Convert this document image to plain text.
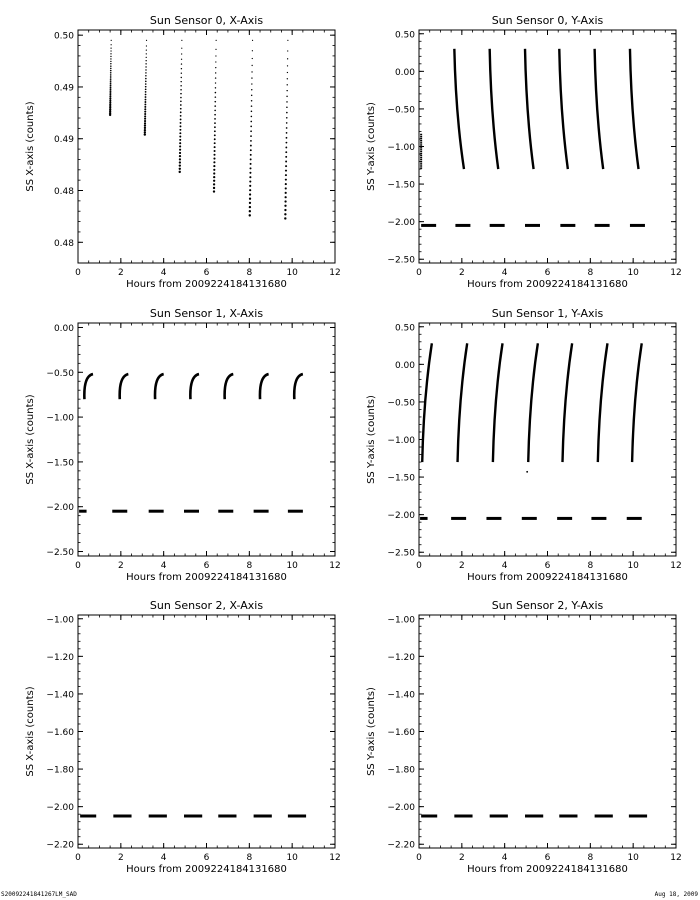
Sun Sensor 0, X-Axis
0	2	4	6	8	10	12
0.50
0.49
0.49
0.48
0.48
Hours from 2009224184131680
SS X-axis (counts)
Sun Sensor 0, Y-Axis
0	2	4	6	8	10	12
0.50
0.00
−0.50
−1.00
−1.50
−2.00
−2.50
Hours from 2009224184131680
SS Y-axis (counts)
Sun Sensor 1, X-Axis
0	2	4	6	8	10	12
0.00
−0.50
−1.00
−1.50
−2.00
−2.50
Hours from 2009224184131680
SS X-axis (counts)
Sun Sensor 1, Y-Axis
0	2	4	6	8	10	12
0.50
0.00
−0.50
−1.00
−1.50
−2.00
−2.50
Hours from 2009224184131680
SS Y-axis (counts)
Sun Sensor 2, X-Axis
0	2	4	6	8	10	12
−1.00
−1.20
−1.40
−1.60
−1.80
−2.00
−2.20
Hours from 2009224184131680
SS X-axis (counts)
Sun Sensor 2, Y-Axis
0	2	4	6	8	10	12
−1.00
−1.20
−1.40
−1.60
−1.80
−2.00
−2.20
Hours from 2009224184131680
SS Y-axis (counts)
S20092241841267LM_SAD	Aug 18, 2009
